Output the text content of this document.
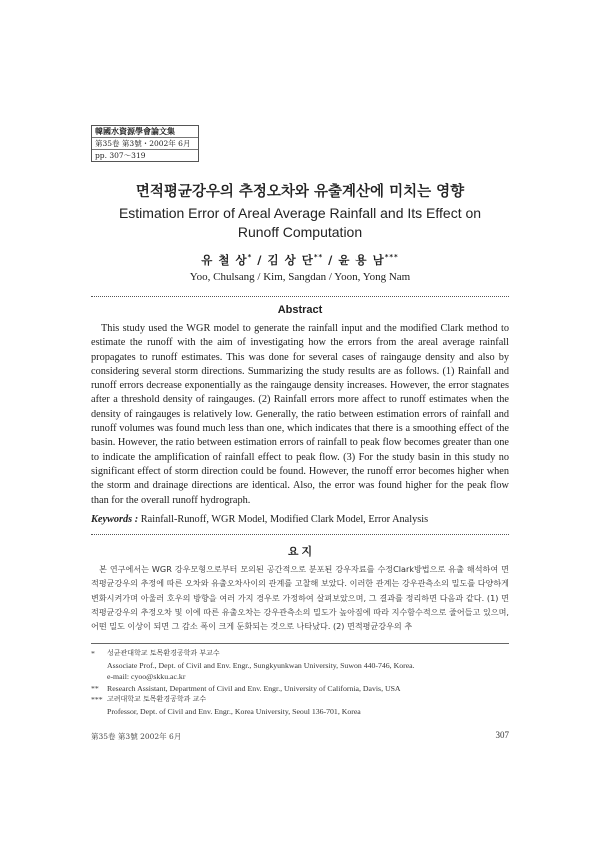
韓國水資源學會論文集
第35卷 第3號・2002年 6月
pp. 307～319
면적평균강우의 추정오차와 유출계산에 미치는 영향
Estimation Error of Areal Average Rainfall and Its Effect on Runoff Computation
유 철 상* / 김 상 단** / 윤 용 남***
Yoo, Chulsang / Kim, Sangdan / Yoon, Yong Nam
Abstract

This study used the WGR model to generate the rainfall input and the modified Clark method to estimate the runoff with the aim of investigating how the errors from the areal average rainfall propagates to runoff estimates. This was done for several cases of raingauge density and also by considering several storm directions. Summarizing the study results are as follows. (1) Rainfall and runoff errors decrease exponentially as the raingauge density increases. However, the error stagnates after a threshold density of raingauges. (2) Rainfall errors more affect to runoff estimates when the density of raingauges is relatively low. Generally, the ratio between estimation errors of rainfall and runoff volumes was found much less than one, which indicates that there is a smoothing effect of the basin. However, the ratio between estimation errors of rainfall to peak flow becomes greater than one to indicate the amplification of rainfall effect to peak flow. (3) For the study basin in this study no significant effect of storm direction could be found. However, the runoff error becomes higher when the storm and drainage directions are identical. Also, the error was found higher for the peak flow than for the overall runoff hydrograph.

Keywords : Rainfall-Runoff, WGR Model, Modified Clark Model, Error Analysis
요 지

본 연구에서는 WGR 강우모형으로부터 모의된 공간적으로 분포된 강우자료를 수정Clark방법으로 유출 해석하여 면적평균강우의 추정에 따른 오차와 유출오차사이의 관계를 고찰해 보았다. 이러한 관계는 강우관측소의 밀도를 다양하게 변화시켜가며 아울러 호우의 방향을 여러 가지 경우로 가정하여 살펴보았으며, 그 결과를 정리하면 다음과 같다. (1) 면적평균강우의 추정오차 및 이에 따른 유출오차는 강우관측소의 밀도가 높아짐에 따라 지수함수적으로 줄어들고 있으며, 어떤 밀도 이상이 되면 그 감소 폭이 크게 둔화되는 것으로 나타났다. (2) 면적평균강우의 추

*	성균관대학교 토목환경공학과 부교수
Associate Prof., Dept. of Civil and Env. Engr., Sungkyunkwan University, Suwon 440-746, Korea.
e-mail: cyoo@skku.ac.kr
**	Research Assistant, Department of Civil and Env. Engr., University of California, Davis, USA
*** 고려대학교 토목환경공학과 교수
Professor, Dept. of Civil and Env. Engr., Korea University, Seoul 136-701, Korea
第35卷 第3號 2002年 6月	307
